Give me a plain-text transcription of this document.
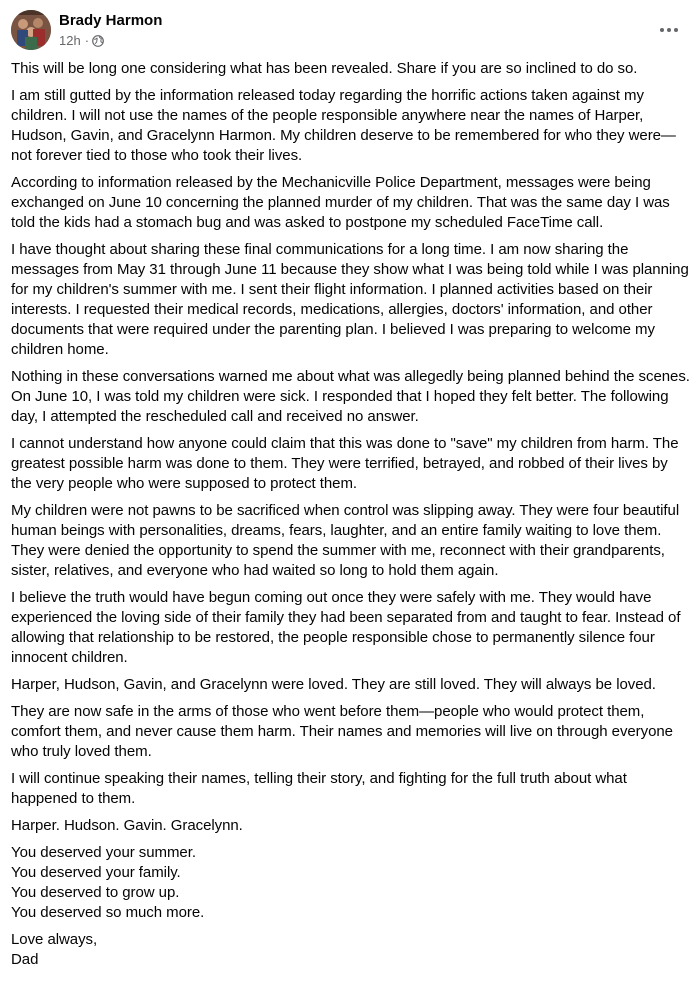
Brady Harmon
12h ·

This will be long one considering what has been revealed. Share if you are so inclined to do so.

I am still gutted by the information released today regarding the horrific actions taken against my children. I will not use the names of the people responsible anywhere near the names of Harper, Hudson, Gavin, and Gracelynn Harmon. My children deserve to be remembered for who they were—not forever tied to those who took their lives.

According to information released by the Mechanicville Police Department, messages were being exchanged on June 10 concerning the planned murder of my children. That was the same day I was told the kids had a stomach bug and was asked to postpone my scheduled FaceTime call.

I have thought about sharing these final communications for a long time. I am now sharing the messages from May 31 through June 11 because they show what I was being told while I was planning for my children's summer with me. I sent their flight information. I planned activities based on their interests. I requested their medical records, medications, allergies, doctors' information, and other documents that were required under the parenting plan. I believed I was preparing to welcome my children home.

Nothing in these conversations warned me about what was allegedly being planned behind the scenes. On June 10, I was told my children were sick. I responded that I hoped they felt better. The following day, I attempted the rescheduled call and received no answer.

I cannot understand how anyone could claim that this was done to "save" my children from harm. The greatest possible harm was done to them. They were terrified, betrayed, and robbed of their lives by the very people who were supposed to protect them.

My children were not pawns to be sacrificed when control was slipping away. They were four beautiful human beings with personalities, dreams, fears, laughter, and an entire family waiting to love them. They were denied the opportunity to spend the summer with me, reconnect with their grandparents, sister, relatives, and everyone who had waited so long to hold them again.

I believe the truth would have begun coming out once they were safely with me. They would have experienced the loving side of their family they had been separated from and taught to fear. Instead of allowing that relationship to be restored, the people responsible chose to permanently silence four innocent children.

Harper, Hudson, Gavin, and Gracelynn were loved. They are still loved. They will always be loved.

They are now safe in the arms of those who went before them—people who would protect them, comfort them, and never cause them harm. Their names and memories will live on through everyone who truly loved them.

I will continue speaking their names, telling their story, and fighting for the full truth about what happened to them.

Harper. Hudson. Gavin. Gracelynn.

You deserved your summer.
You deserved your family.
You deserved to grow up.
You deserved so much more.

Love always,
Dad
